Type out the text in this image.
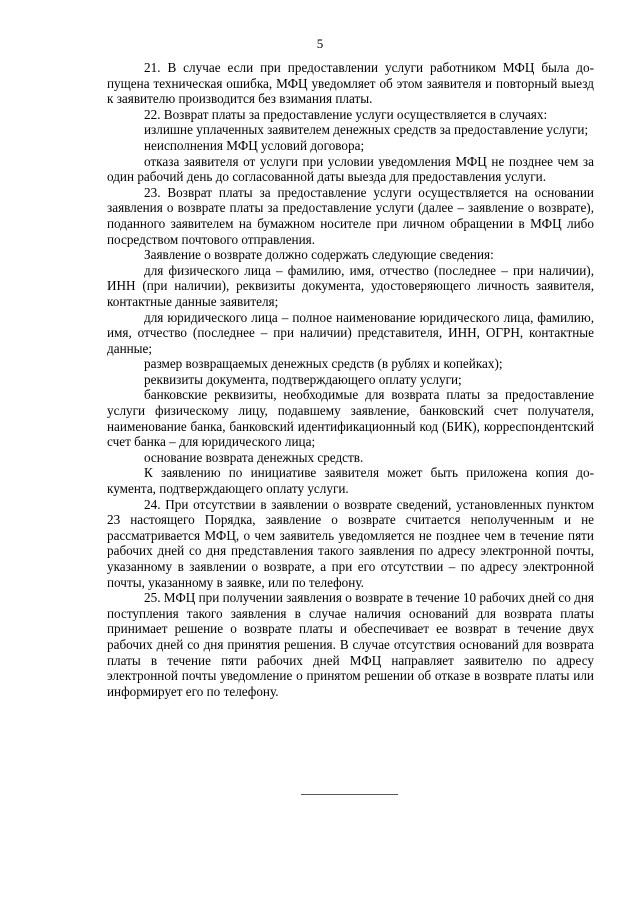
5

21. В случае если при предоставлении услуги работником МФЦ была допущена техническая ошибка, МФЦ уведомляет об этом заявителя и повторный выезд к заявителю производится без взимания платы.

22. Возврат платы за предоставление услуги осуществляется в случаях:

излишне уплаченных заявителем денежных средств за предоставление услуги;

неисполнения МФЦ условий договора;

отказа заявителя от услуги при условии уведомления МФЦ не позднее чем за один рабочий день до согласованной даты выезда для предоставления услуги.

23. Возврат платы за предоставление услуги осуществляется на основании заявления о возврате платы за предоставление услуги (далее – заявление о возврате), поданного заявителем на бумажном носителе при личном обращении в МФЦ либо посредством почтового отправления.

Заявление о возврате должно содержать следующие сведения:

для физического лица – фамилию, имя, отчество (последнее – при наличии), ИНН (при наличии), реквизиты документа, удостоверяющего личность заявителя, контактные данные заявителя;

для юридического лица – полное наименование юридического лица, фамилию, имя, отчество (последнее – при наличии) представителя, ИНН, ОГРН, контактные данные;

размер возвращаемых денежных средств (в рублях и копейках);

реквизиты документа, подтверждающего оплату услуги;

банковские реквизиты, необходимые для возврата платы за предоставление услуги физическому лицу, подавшему заявление, банковский счет получателя, наименование банка, банковский идентификационный код (БИК), корреспондентский счет банка – для юридического лица;

основание возврата денежных средств.

К заявлению по инициативе заявителя может быть приложена копия документа, подтверждающего оплату услуги.

24. При отсутствии в заявлении о возврате сведений, установленных пунктом 23 настоящего Порядка, заявление о возврате считается неполученным и не рассматривается МФЦ, о чем заявитель уведомляется не позднее чем в течение пяти рабочих дней со дня представления такого заявления по адресу электронной почты, указанному в заявлении о возврате, а при его отсутствии – по адресу электронной почты, указанному в заявке, или по телефону.

25. МФЦ при получении заявления о возврате в течение 10 рабочих дней со дня поступления такого заявления в случае наличия оснований для возврата платы принимает решение о возврате платы и обеспечивает ее возврат в течение двух рабочих дней со дня принятия решения. В случае отсутствия оснований для возврата платы в течение пяти рабочих дней МФЦ направляет заявителю по адресу электронной почты уведомление о принятом решении об отказе в возврате платы или информирует его по телефону.
